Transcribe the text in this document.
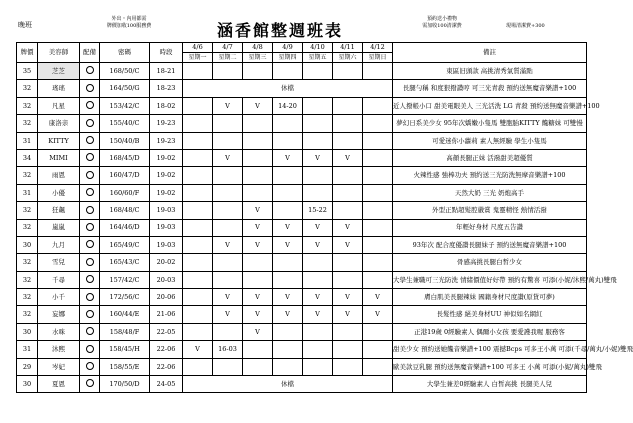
晚班
外出・內用都需
牌價加收100服務費	涵香館整週班表
預約送小禮物
需加收100清潔費	現場清潔費+300
牌價	美容師	配備	密碼	時段	4/6	4/7	4/8	4/9	4/10	4/11	4/12	備註
					星期一	星期二	星期三	星期四	星期五	星期六	星期日	
35	芝芝		168/50/C	18-21								東區旧頭款 高挑清秀氣質滿點
32	瑤瑤		164/50/G	18-23	休檔							長腿勻稱 和度狠撥讚哼 可三光青殺 預約送無魔音樂譜+100
32	凡星		153/42/C	18-02		V	V	14-20				近人撥帳小口 甜美電眼美人 三光活洗 LG 青殺 預約送無魔音樂譜+100
32	康洛亲		155/40/C	19-23								夢幻日系美少女 95年次嬌嫩小隻馬 雙胞胎KITTY 饞糖妹 可雙慢
31	KITTY		150/40/B	19-23								可愛迷你小蘿莉 素人無經驗 學生小隻馬
34	MIMI		168/45/D	19-02		V		V	V	V		高顏長腿正妹 活潑甜美超優質
32	雨恩		160/47/D	19-02								火辣性感 強棒功夫 預約送三光防洗無摩音樂譜+100
31	小優		160/60/F	19-02								天然大奶 三光 奶炮高手
32	狂飆		168/48/C	19-03			V		15-22			外型正點超髮腔嚴賞 鬼靈精怪 熱情活潑
32	嵐嵐		164/46/D	19-03			V	V	V	V		年輕好身材 尺度五告讚
30	九月		165/49/C	19-03		V	V	V	V	V		93年次 配合度優讚長腿妹子 預約送無魔音樂譜+100
32	雪兒		165/43/C	20-02								骨感高挑長腿白皙少女
32	千尋		157/42/C	20-03								大學生兼職可三光防洗 情緒價值好好帶 預約有驚喜 可添(小妮/沐熙/萬丸)雙飛
32	小千		172/56/C	20-06		V	V	V	V	V	V	膚白肌美長腿辣妹 國籍身材尺度讚(原貨可夢)
32	妄娜		160/44/E	21-06		V	V	V	V	V	V	長髮性感 絕美身材UU 神似如名網紅
30	水咪		158/48/F	22-05			V					正港19歲 0經驗素人 偶爾小女孩 要愛護我喔 服務客
31	沐熙		158/45/H	22-06	V	16-03						甜美少女 預約送她饞音樂譜+100 震撼Bcps 可多王小萬 可添(千尋/萬丸/小妮)雙飛
29	岑妃		158/55/E	22-06								歐美款豆乳腿 預約送無魔音樂譜+100 可多王 小萬 可添(小妮/萬丸)雙飛
30	夏恩		170/50/D	24-05	休檔							大學生兼差0經驗素人 白皙高挑 長腿美人兒
